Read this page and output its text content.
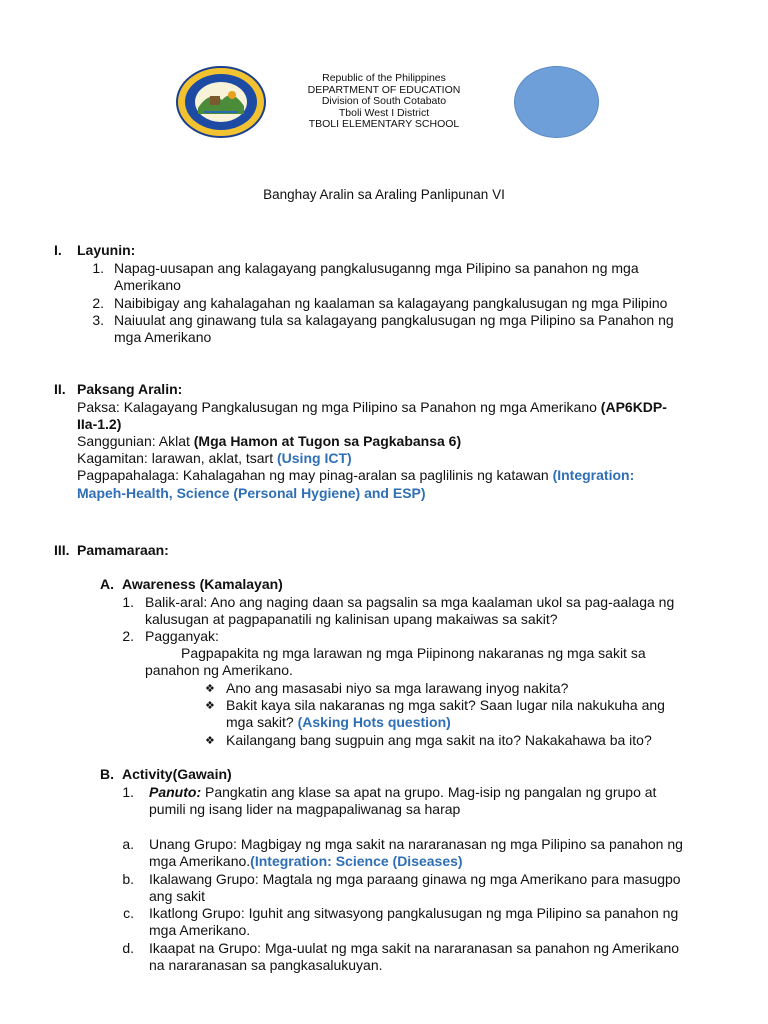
Republic of the Philippines
DEPARTMENT OF EDUCATION
Division of South Cotabato
Tboli West I District
TBOLI ELEMENTARY SCHOOL
Banghay Aralin sa Araling Panlipunan VI
I. Layunin:
1. Napag-uusapan ang kalagayang pangkalusuganng mga Pilipino sa panahon ng mga
Amerikano
2. Naibibigay ang kahalagahan ng kaalaman sa kalagayang pangkalusugan ng mga Pilipino
3. Naiuulat ang ginawang tula sa kalagayang pangkalusugan ng mga Pilipino sa Panahon ng
mga Amerikano
II. Paksang Aralin:
Paksa: Kalagayang Pangkalusugan ng mga Pilipino sa Panahon ng mga Amerikano (AP6KDP-
IIa-1.2)
Sanggunian: Aklat (Mga Hamon at Tugon sa Pagkabansa 6)
Kagamitan: larawan, aklat, tsart (Using ICT)
Pagpapahalaga: Kahalagahan ng may pinag-aralan sa paglilinis ng katawan (Integration:
Mapeh-Health, Science (Personal Hygiene) and ESP)
III. Pamamaraan:
A. Awareness (Kamalayan)
1. Balik-aral: Ano ang naging daan sa pagsalin sa mga kaalaman ukol sa pag-aalaga ng
kalusugan at pagpapanatili ng kalinisan upang makaiwas sa sakit?
2. Pagganyak:
Pagpapakita ng mga larawan ng mga Piipinong nakaranas ng mga sakit sa
panahon ng Amerikano.
❖ Ano ang masasabi niyo sa mga larawang inyog nakita?
❖ Bakit kaya sila nakaranas ng mga sakit? Saan lugar nila nakukuha ang
mga sakit? (Asking Hots question)
❖ Kailangang bang sugpuin ang mga sakit na ito? Nakakahawa ba ito?
B. Activity(Gawain)
1. Panuto: Pangkatin ang klase sa apat na grupo. Mag-isip ng pangalan ng grupo at
pumili ng isang lider na magpapaliwanag sa harap
a. Unang Grupo: Magbigay ng mga sakit na nararanasan ng mga Pilipino sa panahon ng
mga Amerikano.(Integration: Science (Diseases)
b. Ikalawang Grupo: Magtala ng mga paraang ginawa ng mga Amerikano para masugpo
ang sakit
c. Ikatlong Grupo: Iguhit ang sitwasyong pangkalusugan ng mga Pilipino sa panahon ng
mga Amerikano.
d. Ikaapat na Grupo: Mga-uulat ng mga sakit na nararanasan sa panahon ng Amerikano
na nararanasan sa pangkasalukuyan.
